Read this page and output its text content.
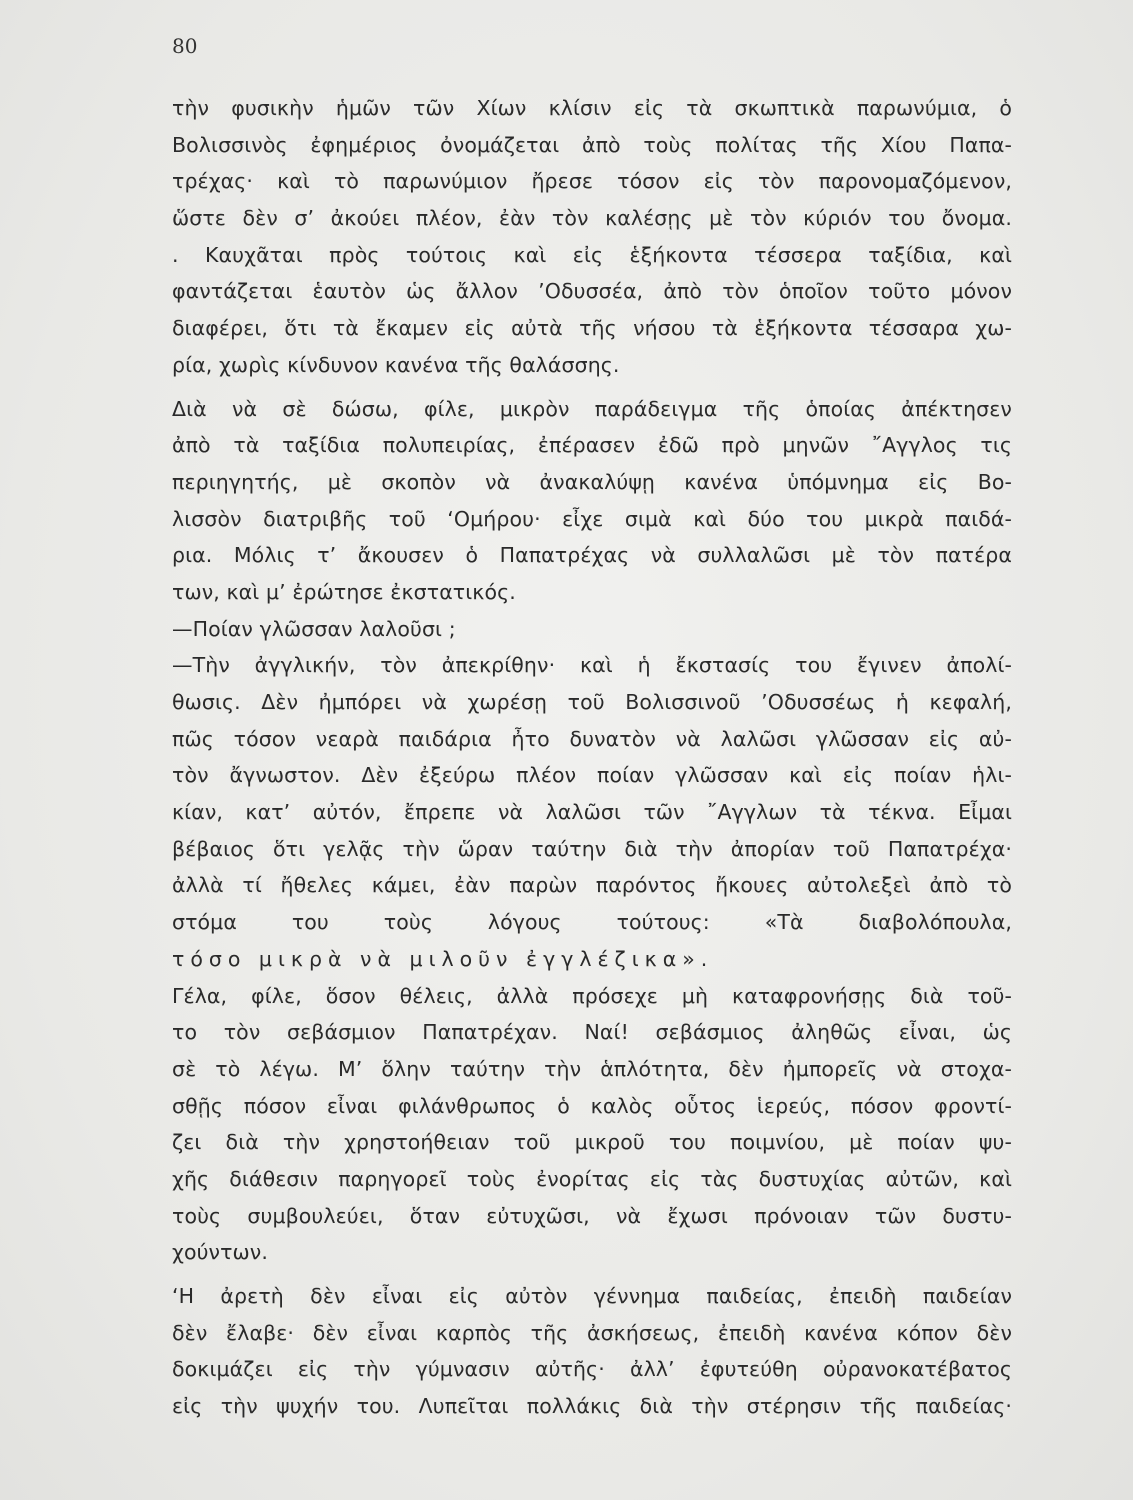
80
τὴν φυσικὴν ἡμῶν τῶν Χίων κλίσιν εἰς τὰ σκωπτικὰ παρωνύμια, ὁ
Βολισσινὸς ἐφημέριος ὀνομάζεται ἀπὸ τοὺς πολίτας τῆς Χίου Παπα-
τρέχας· καὶ τὸ παρωνύμιον ἤρεσε τόσον εἰς τὸν παρονομαζόμενον,
ὥστε δὲν σ’ ἀκούει πλέον, ἐὰν τὸν καλέσῃς μὲ τὸν κύριόν του ὄνομα.
. Καυχᾶται πρὸς τούτοις καὶ εἰς ἑξήκοντα τέσσερα ταξίδια, καὶ
φαντάζεται ἑαυτὸν ὡς ἄλλον ’Οδυσσέα, ἀπὸ τὸν ὁποῖον τοῦτο μόνον
διαφέρει, ὅτι τὰ ἔκαμεν εἰς αὐτὰ τῆς νήσου τὰ ἑξήκοντα τέσσαρα χω-
ρία, χωρὶς κίνδυνον κανένα τῆς θαλάσσης.
Διὰ νὰ σὲ δώσω, φίλε, μικρὸν παράδειγμα τῆς ὁποίας ἀπέκτησεν
ἀπὸ τὰ ταξίδια πολυπειρίας, ἐπέρασεν ἐδῶ πρὸ μηνῶν ῎Αγγλος τις
περιηγητής, μὲ σκοπὸν νὰ ἀνακαλύψῃ κανένα ὑπόμνημα εἰς Βο-
λισσὸν διατριβῆς τοῦ ‘Ομήρου· εἶχε σιμὰ καὶ δύο του μικρὰ παιδά-
ρια. Μόλις τ’ ἄκουσεν ὁ Παπατρέχας νὰ συλλαλῶσι μὲ τὸν πατέρα
των, καὶ μ’ ἐρώτησε ἐκστατικός.
—Ποίαν γλῶσσαν λαλοῦσι ;
—Τὴν ἀγγλικήν, τὸν ἀπεκρίθην· καὶ ἡ ἔκστασίς του ἔγινεν ἀπολί-
θωσις. Δὲν ἠμπόρει νὰ χωρέσῃ τοῦ Βολισσινοῦ ’Οδυσσέως ἡ κεφαλή,
πῶς τόσον νεαρὰ παιδάρια ἦτο δυνατὸν νὰ λαλῶσι γλῶσσαν εἰς αὐ-
τὸν ἄγνωστον. Δὲν ἐξεύρω πλέον ποίαν γλῶσσαν καὶ εἰς ποίαν ἡλι-
κίαν, κατ’ αὐτόν, ἔπρεπε νὰ λαλῶσι τῶν ῎Αγγλων τὰ τέκνα. Εἶμαι
βέβαιος ὅτι γελᾷς τὴν ὥραν ταύτην διὰ τὴν ἀπορίαν τοῦ Παπατρέχα·
ἀλλὰ τί ἤθελες κάμει, ἐὰν παρὼν παρόντος ἤκουες αὐτολεξεὶ ἀπὸ τὸ
στόμα του τοὺς λόγους τούτους: «Τὰ διαβολόπουλα,
τόσο μικρὰ νὰ μιλοῦν ἐγγλέζικα».
Γέλα, φίλε, ὅσον θέλεις, ἀλλὰ πρόσεχε μὴ καταφρονήσῃς διὰ τοῦ-
το τὸν σεβάσμιον Παπατρέχαν. Ναί! σεβάσμιος ἀληθῶς εἶναι, ὡς
σὲ τὸ λέγω. Μ’ ὅλην ταύτην τὴν ἁπλότητα, δὲν ἠμπορεῖς νὰ στοχα-
σθῇς πόσον εἶναι φιλάνθρωπος ὁ καλὸς οὗτος ἱερεύς, πόσον φροντί-
ζει διὰ τὴν χρηστοήθειαν τοῦ μικροῦ του ποιμνίου, μὲ ποίαν ψυ-
χῆς διάθεσιν παρηγορεῖ τοὺς ἐνορίτας εἰς τὰς δυστυχίας αὐτῶν, καὶ
τοὺς συμβουλεύει, ὅταν εὐτυχῶσι, νὰ ἔχωσι πρόνοιαν τῶν δυστυ-
χούντων.
‘Η ἀρετὴ δὲν εἶναι εἰς αὐτὸν γέννημα παιδείας, ἐπειδὴ παιδείαν
δὲν ἔλαβε· δὲν εἶναι καρπὸς τῆς ἀσκήσεως, ἐπειδὴ κανένα κόπον δὲν
δοκιμάζει εἰς τὴν γύμνασιν αὐτῆς· ἀλλ’ ἐφυτεύθη οὐρανοκατέβατος
εἰς τὴν ψυχήν του. Λυπεῖται πολλάκις διὰ τὴν στέρησιν τῆς παιδείας·
